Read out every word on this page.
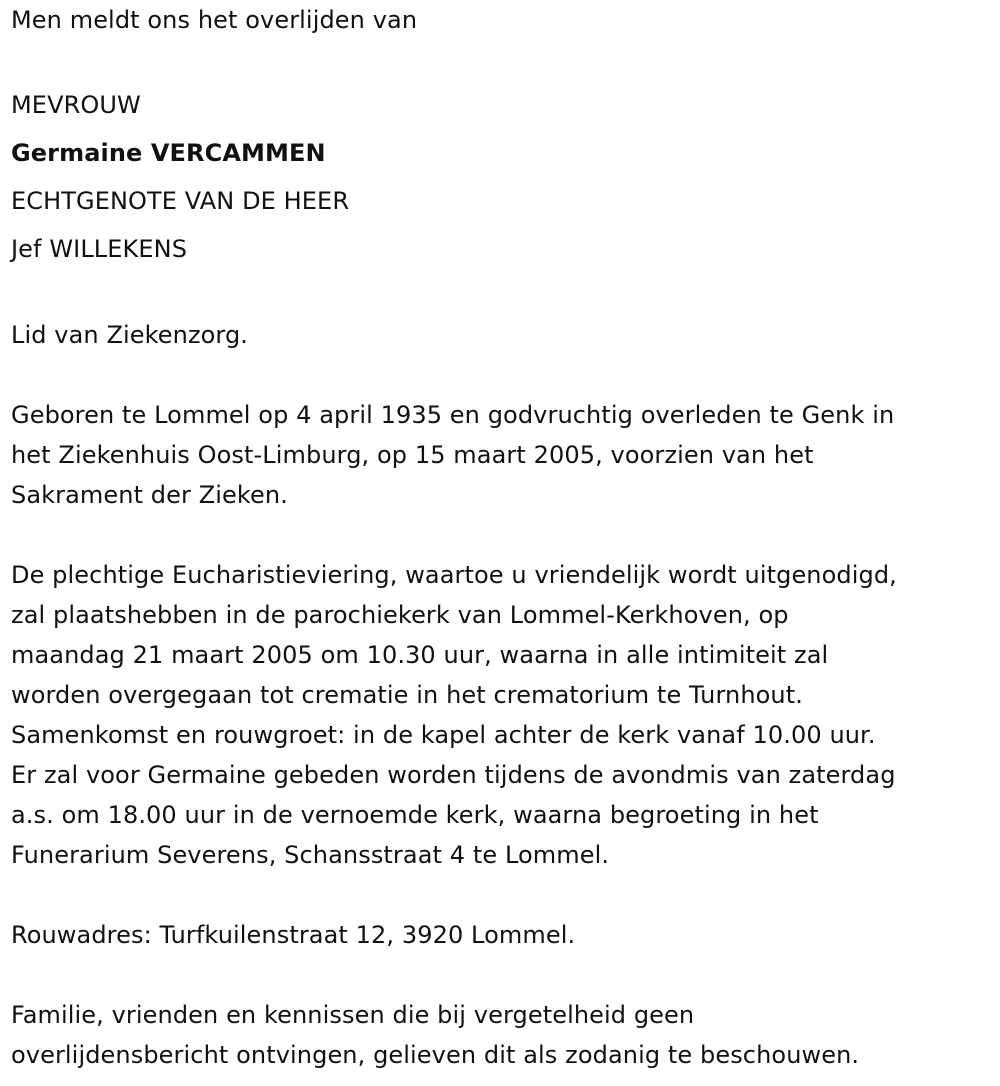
Men meldt ons het overlijden van

MEVROUW

Germaine VERCAMMEN

ECHTGENOTE VAN DE HEER

Jef WILLEKENS

Lid van Ziekenzorg.

Geboren te Lommel op 4 april 1935 en godvruchtig overleden te Genk in

het Ziekenhuis Oost-Limburg, op 15 maart 2005, voorzien van het

Sakrament der Zieken.

De plechtige Eucharistieviering, waartoe u vriendelijk wordt uitgenodigd,

zal plaatshebben in de parochiekerk van Lommel-Kerkhoven, op

maandag 21 maart 2005 om 10.30 uur, waarna in alle intimiteit zal

worden overgegaan tot crematie in het crematorium te Turnhout.

Samenkomst en rouwgroet: in de kapel achter de kerk vanaf 10.00 uur.

Er zal voor Germaine gebeden worden tijdens de avondmis van zaterdag

a.s. om 18.00 uur in de vernoemde kerk, waarna begroeting in het

Funerarium Severens, Schansstraat 4 te Lommel.

Rouwadres: Turfkuilenstraat 12, 3920 Lommel.

Familie, vrienden en kennissen die bij vergetelheid geen

overlijdensbericht ontvingen, gelieven dit als zodanig te beschouwen.
